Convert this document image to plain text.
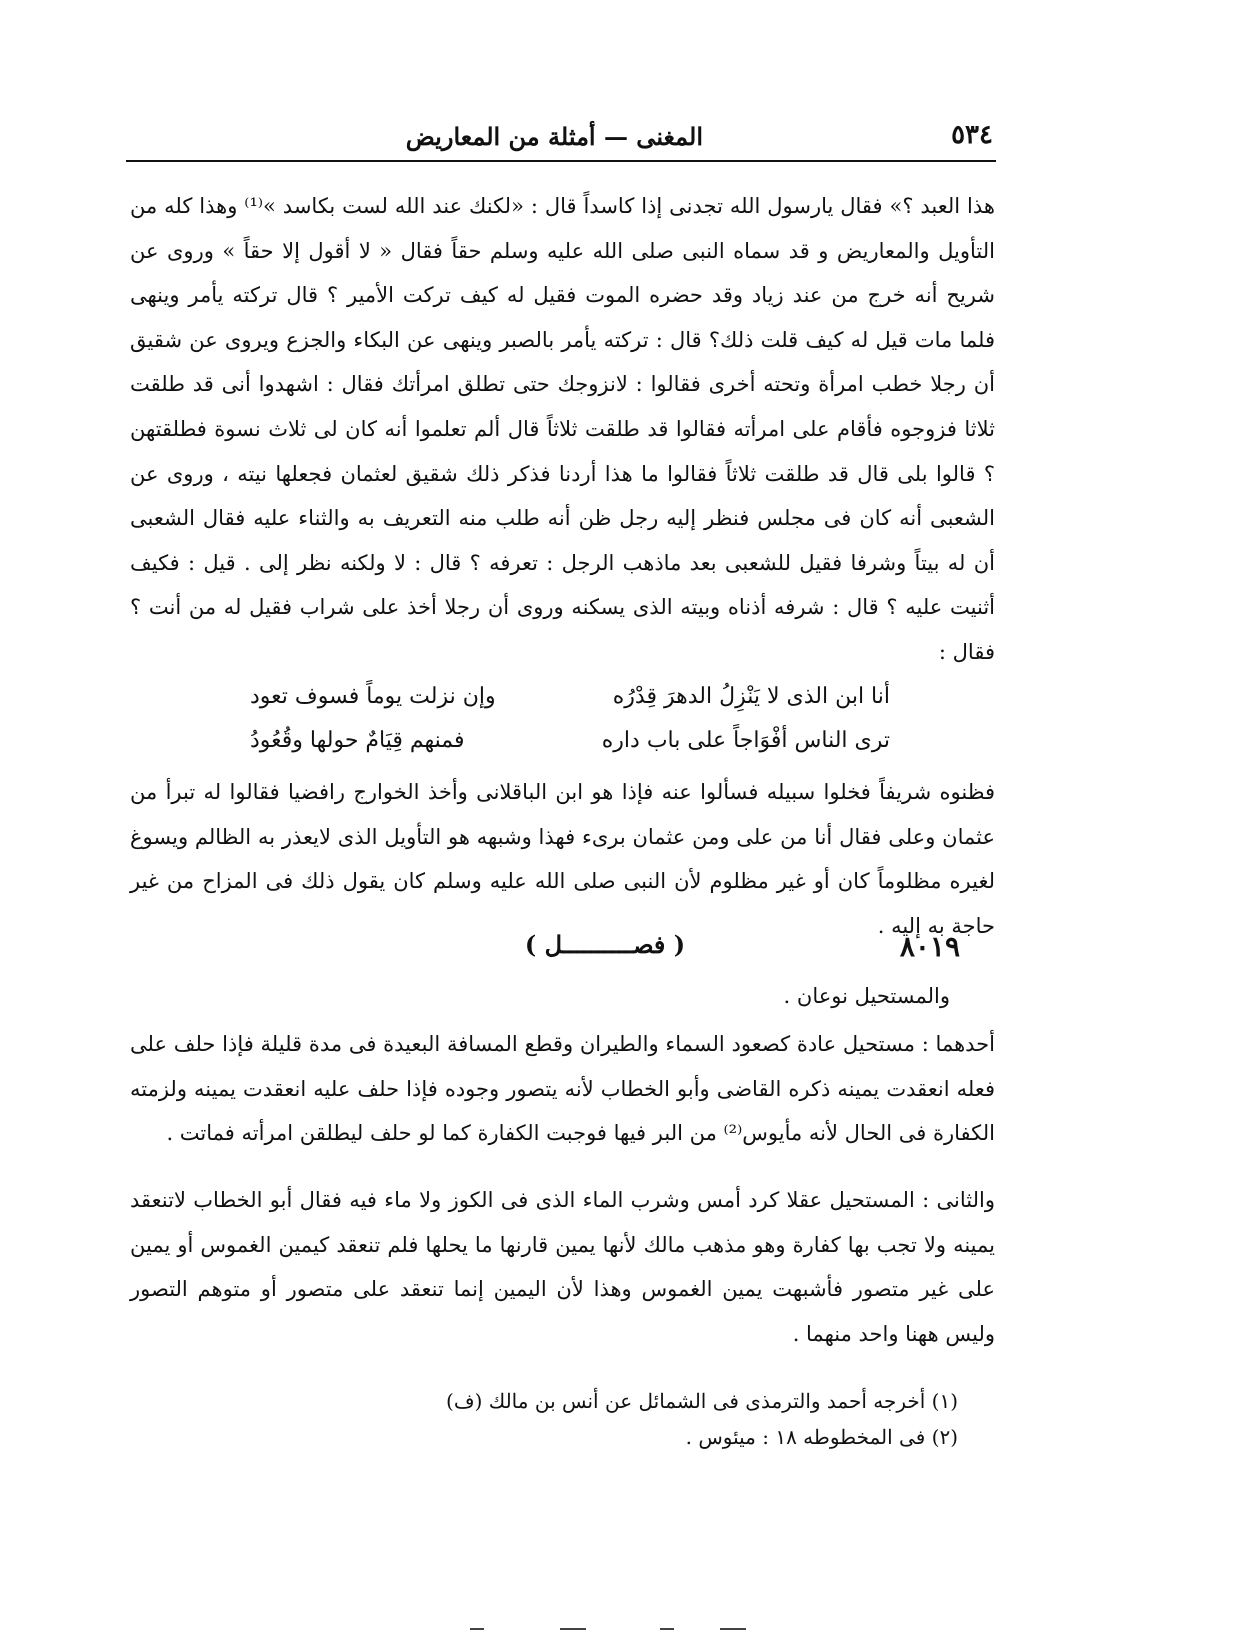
٥٣٤
المغنى — أمثلة من المعاريض

هذا العبد ؟» فقال يارسول الله تجدنى إذا كاسداً قال : «لكنك عند الله لست بكاسد »⁽¹⁾ وهذا كله من التأويل والمعاريض و قد سماه النبى صلى الله عليه وسلم حقاً فقال « لا أقول إلا حقاً » وروى عن شريح أنه خرج من عند زياد وقد حضره الموت فقيل له كيف تركت الأمير ؟ قال تركته يأمر وينهى فلما مات قيل له كيف قلت ذلك؟ قال : تركته يأمر بالصبر وينهى عن البكاء والجزع ويروى عن شقيق أن رجلا خطب امرأة وتحته أخرى فقالوا : لانزوجك حتى تطلق امرأتك فقال : اشهدوا أنى قد طلقت ثلاثا فزوجوه فأقام على امرأته فقالوا قد طلقت ثلاثاً قال ألم تعلموا أنه كان لى ثلاث نسوة فطلقتهن ؟ قالوا بلى قال قد طلقت ثلاثاً فقالوا ما هذا أردنا فذكر ذلك شقيق لعثمان فجعلها نيته ، وروى عن الشعبى أنه كان فى مجلس فنظر إليه رجل ظن أنه طلب منه التعريف به والثناء عليه فقال الشعبى أن له بيتاً وشرفا فقيل للشعبى بعد ماذهب الرجل : تعرفه ؟ قال : لا ولكنه نظر إلى . قيل : فكيف أثنيت عليه ؟ قال : شرفه أذناه وبيته الذى يسكنه وروى أن رجلا أخذ على شراب فقيل له من أنت ؟ فقال :

أنا ابن الذى لا يَنْزِلُ الدهرَ قِدْرُه
وإن نزلت يوماً فسوف تعود
ترى الناس أفْوَاجاً على باب داره
فمنهم قِيَامٌ حولها وقُعُودُ

فظنوه شريفاً فخلوا سبيله فسألوا عنه فإذا هو ابن الباقلانى وأخذ الخوارج رافضيا فقالوا له تبرأ من عثمان وعلى فقال أنا من على ومن عثمان برىء فهذا وشبهه هو التأويل الذى لايعذر به الظالم ويسوغ لغيره مظلوماً كان أو غير مظلوم لأن النبى صلى الله عليه وسلم كان يقول ذلك فى المزاح من غير حاجة به إليه .

٨٠١٩
( فصــــــــــل )

والمستحيل نوعان .

أحدهما : مستحيل عادة كصعود السماء والطيران وقطع المسافة البعيدة فى مدة قليلة فإذا حلف على فعله انعقدت يمينه ذكره القاضى وأبو الخطاب لأنه يتصور وجوده فإذا حلف عليه انعقدت يمينه ولزمته الكفارة فى الحال لأنه مأيوس⁽²⁾ من البر فيها فوجبت الكفارة كما لو حلف ليطلقن امرأته فماتت .

والثانى : المستحيل عقلا كرد أمس وشرب الماء الذى فى الكوز ولا ماء فيه فقال أبو الخطاب لاتنعقد يمينه ولا تجب بها كفارة وهو مذهب مالك لأنها يمين قارنها ما يحلها فلم تنعقد كيمين الغموس أو يمين على غير متصور فأشبهت يمين الغموس وهذا لأن اليمين إنما تنعقد على متصور أو متوهم التصور وليس ههنا واحد منهما .

(١) أخرجه أحمد والترمذى فى الشمائل عن أنس بن مالك (ف)
(٢) فى المخطوطه ١٨ : ميئوس .
